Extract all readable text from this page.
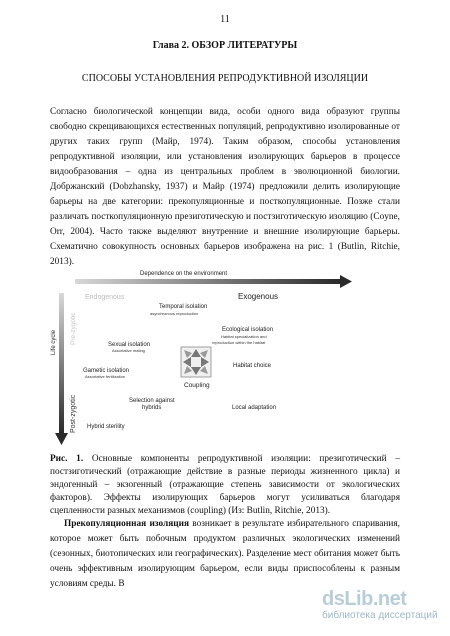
11
Глава 2. ОБЗОР ЛИТЕРАТУРЫ
СПОСОБЫ УСТАНОВЛЕНИЯ РЕПРОДУКТИВНОЙ ИЗОЛЯЦИИ

Согласно биологической концепции вида, особи одного вида образуют группы свободно скрещивающихся естественных популяций, репродуктивно изолированные от других таких групп (Майр, 1974). Таким образом, способы установления репродуктивной изоляции, или установления изолирующих барьеров в процессе видообразования – одна из центральных проблем в эволюционной биологии. Добржанский (Dobzhansky, 1937) и Майр (1974) предложили делить изолирующие барьеры на две категории: прекопуляционные и посткопуляционные. Позже стали различать посткопуляционную презиготическую и постзиготическую изоляцию (Coyne, Orr, 2004). Часто также выделяют внутренние и внешние изолирующие барьеры. Схематично совокупность основных барьеров изображена на рис. 1 (Butlin, Ritchie, 2013).

Dependence on the environment
Life cycle
Endogenous	Exogenous
Pre-zygotic
Post-zygotic
Temporal isolation
asynchronous reproduction
Ecological isolation
Habitat specialization and
reproduction within the habitat
Sexual isolation
Assortative mating
Gametic isolation
Assortative fertilization
Habitat choice
Coupling
Selection against
hybrids	Local adaptation
Hybrid sterility

Рис. 1. Основные компоненты репродуктивной изоляции: презиготический – постзиготический (отражающие действие в разные периоды жизненного цикла) и эндогенный – экзогенный (отражающие степень зависимости от экологических факторов). Эффекты изолирующих барьеров могут усиливаться благодаря сцепленности разных механизмов (coupling) (Из: Butlin, Ritchie, 2013).

Прекопуляционная изоляция возникает в результате избирательного спаривания, которое может быть побочным продуктом различных экологических изменений (сезонных, биотопических или географических). Разделение мест обитания может быть очень эффективным изолирующим барьером, если виды приспособлены к разным условиям среды. В

dsLib.net
библиотека диссертаций
